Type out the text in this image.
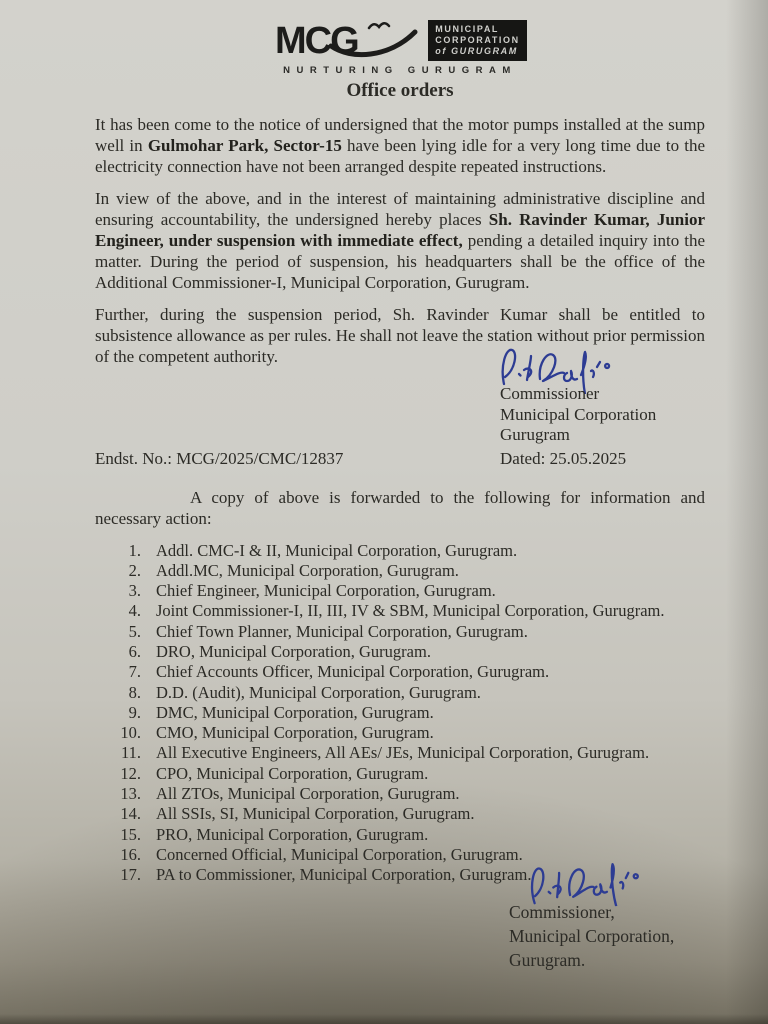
MCG	MUNICIPAL
CORPORATION
of GURUGRAM
NURTURING GURUGRAM
Office orders

It has been come to the notice of undersigned that the motor pumps installed at the sump well in Gulmohar Park, Sector-15 have been lying idle for a very long time due to the electricity connection have not been arranged despite repeated instructions.

In view of the above, and in the interest of maintaining administrative discipline and ensuring accountability, the undersigned hereby places Sh. Ravinder Kumar, Junior Engineer, under suspension with immediate effect, pending a detailed inquiry into the matter. During the period of suspension, his headquarters shall be the office of the Additional Commissioner-I, Municipal Corporation, Gurugram.

Further, during the suspension period, Sh. Ravinder Kumar shall be entitled to subsistence allowance as per rules. He shall not leave the station without prior permission of the competent authority.

Commissioner
Municipal Corporation
Gurugram
Endst. No.: MCG/2025/CMC/12837	Dated: 25.05.2025

A copy of above is forwarded to the following for information and necessary action:

1. Addl. CMC-I & II, Municipal Corporation, Gurugram.
2. Addl.MC, Municipal Corporation, Gurugram.
3. Chief Engineer, Municipal Corporation, Gurugram.
4. Joint Commissioner-I, II, III, IV & SBM, Municipal Corporation, Gurugram.
5. Chief Town Planner, Municipal Corporation, Gurugram.
6. DRO, Municipal Corporation, Gurugram.
7. Chief Accounts Officer, Municipal Corporation, Gurugram.
8. D.D. (Audit), Municipal Corporation, Gurugram.
9. DMC, Municipal Corporation, Gurugram.
10. CMO, Municipal Corporation, Gurugram.
11. All Executive Engineers, All AEs/ JEs, Municipal Corporation, Gurugram.
12. CPO, Municipal Corporation, Gurugram.
13. All ZTOs, Municipal Corporation, Gurugram.
14. All SSIs, SI, Municipal Corporation, Gurugram.
15. PRO, Municipal Corporation, Gurugram.
16. Concerned Official, Municipal Corporation, Gurugram.
17. PA to Commissioner, Municipal Corporation, Gurugram.
Commissioner,
Municipal Corporation,
Gurugram.
